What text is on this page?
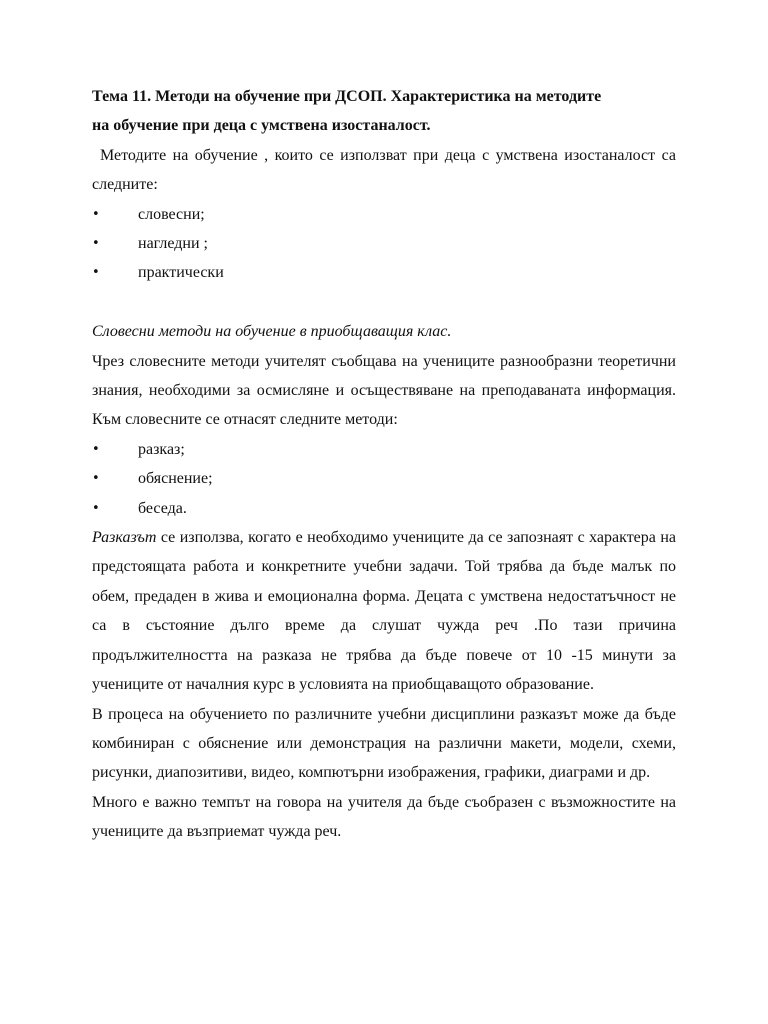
Тема 11. Методи на обучение при ДСОП. Характеристика на методите
на обучение при деца с умствена изостаналост.
Методите на обучение , които се използват при деца с умствена изостаналост са следните:
• словесни;
• нагледни ;
• практически
Словесни методи на обучение в приобщаващия клас.
Чрез словесните методи учителят съобщава на учениците разнообразни теоретични знания, необходими за осмисляне и осъществяване на преподаваната информация. Към словесните се отнасят следните методи:
• разказ;
• обяснение;
• беседа.
Разказът се използва, когато е необходимо учениците да се запознаят с характера на предстоящата работа и конкретните учебни задачи. Той трябва да бъде малък по обем, предаден в жива и емоционална форма. Децата с умствена недостатъчност не са в състояние дълго време да слушат чужда реч .По тази причина продължителността на разказа не трябва да бъде повече от 10 -15 минути за учениците от началния курс в условията на приобщаващото образование.
В процеса на обучението по различните учебни дисциплини разказът може да бъде комбиниран с обяснение или демонстрация на различни макети, модели, схеми, рисунки, диапозитиви, видео, компютърни изображения, графики, диаграми и др.
Много е важно темпът на говора на учителя да бъде съобразен с възможностите на учениците да възприемат чужда реч.
